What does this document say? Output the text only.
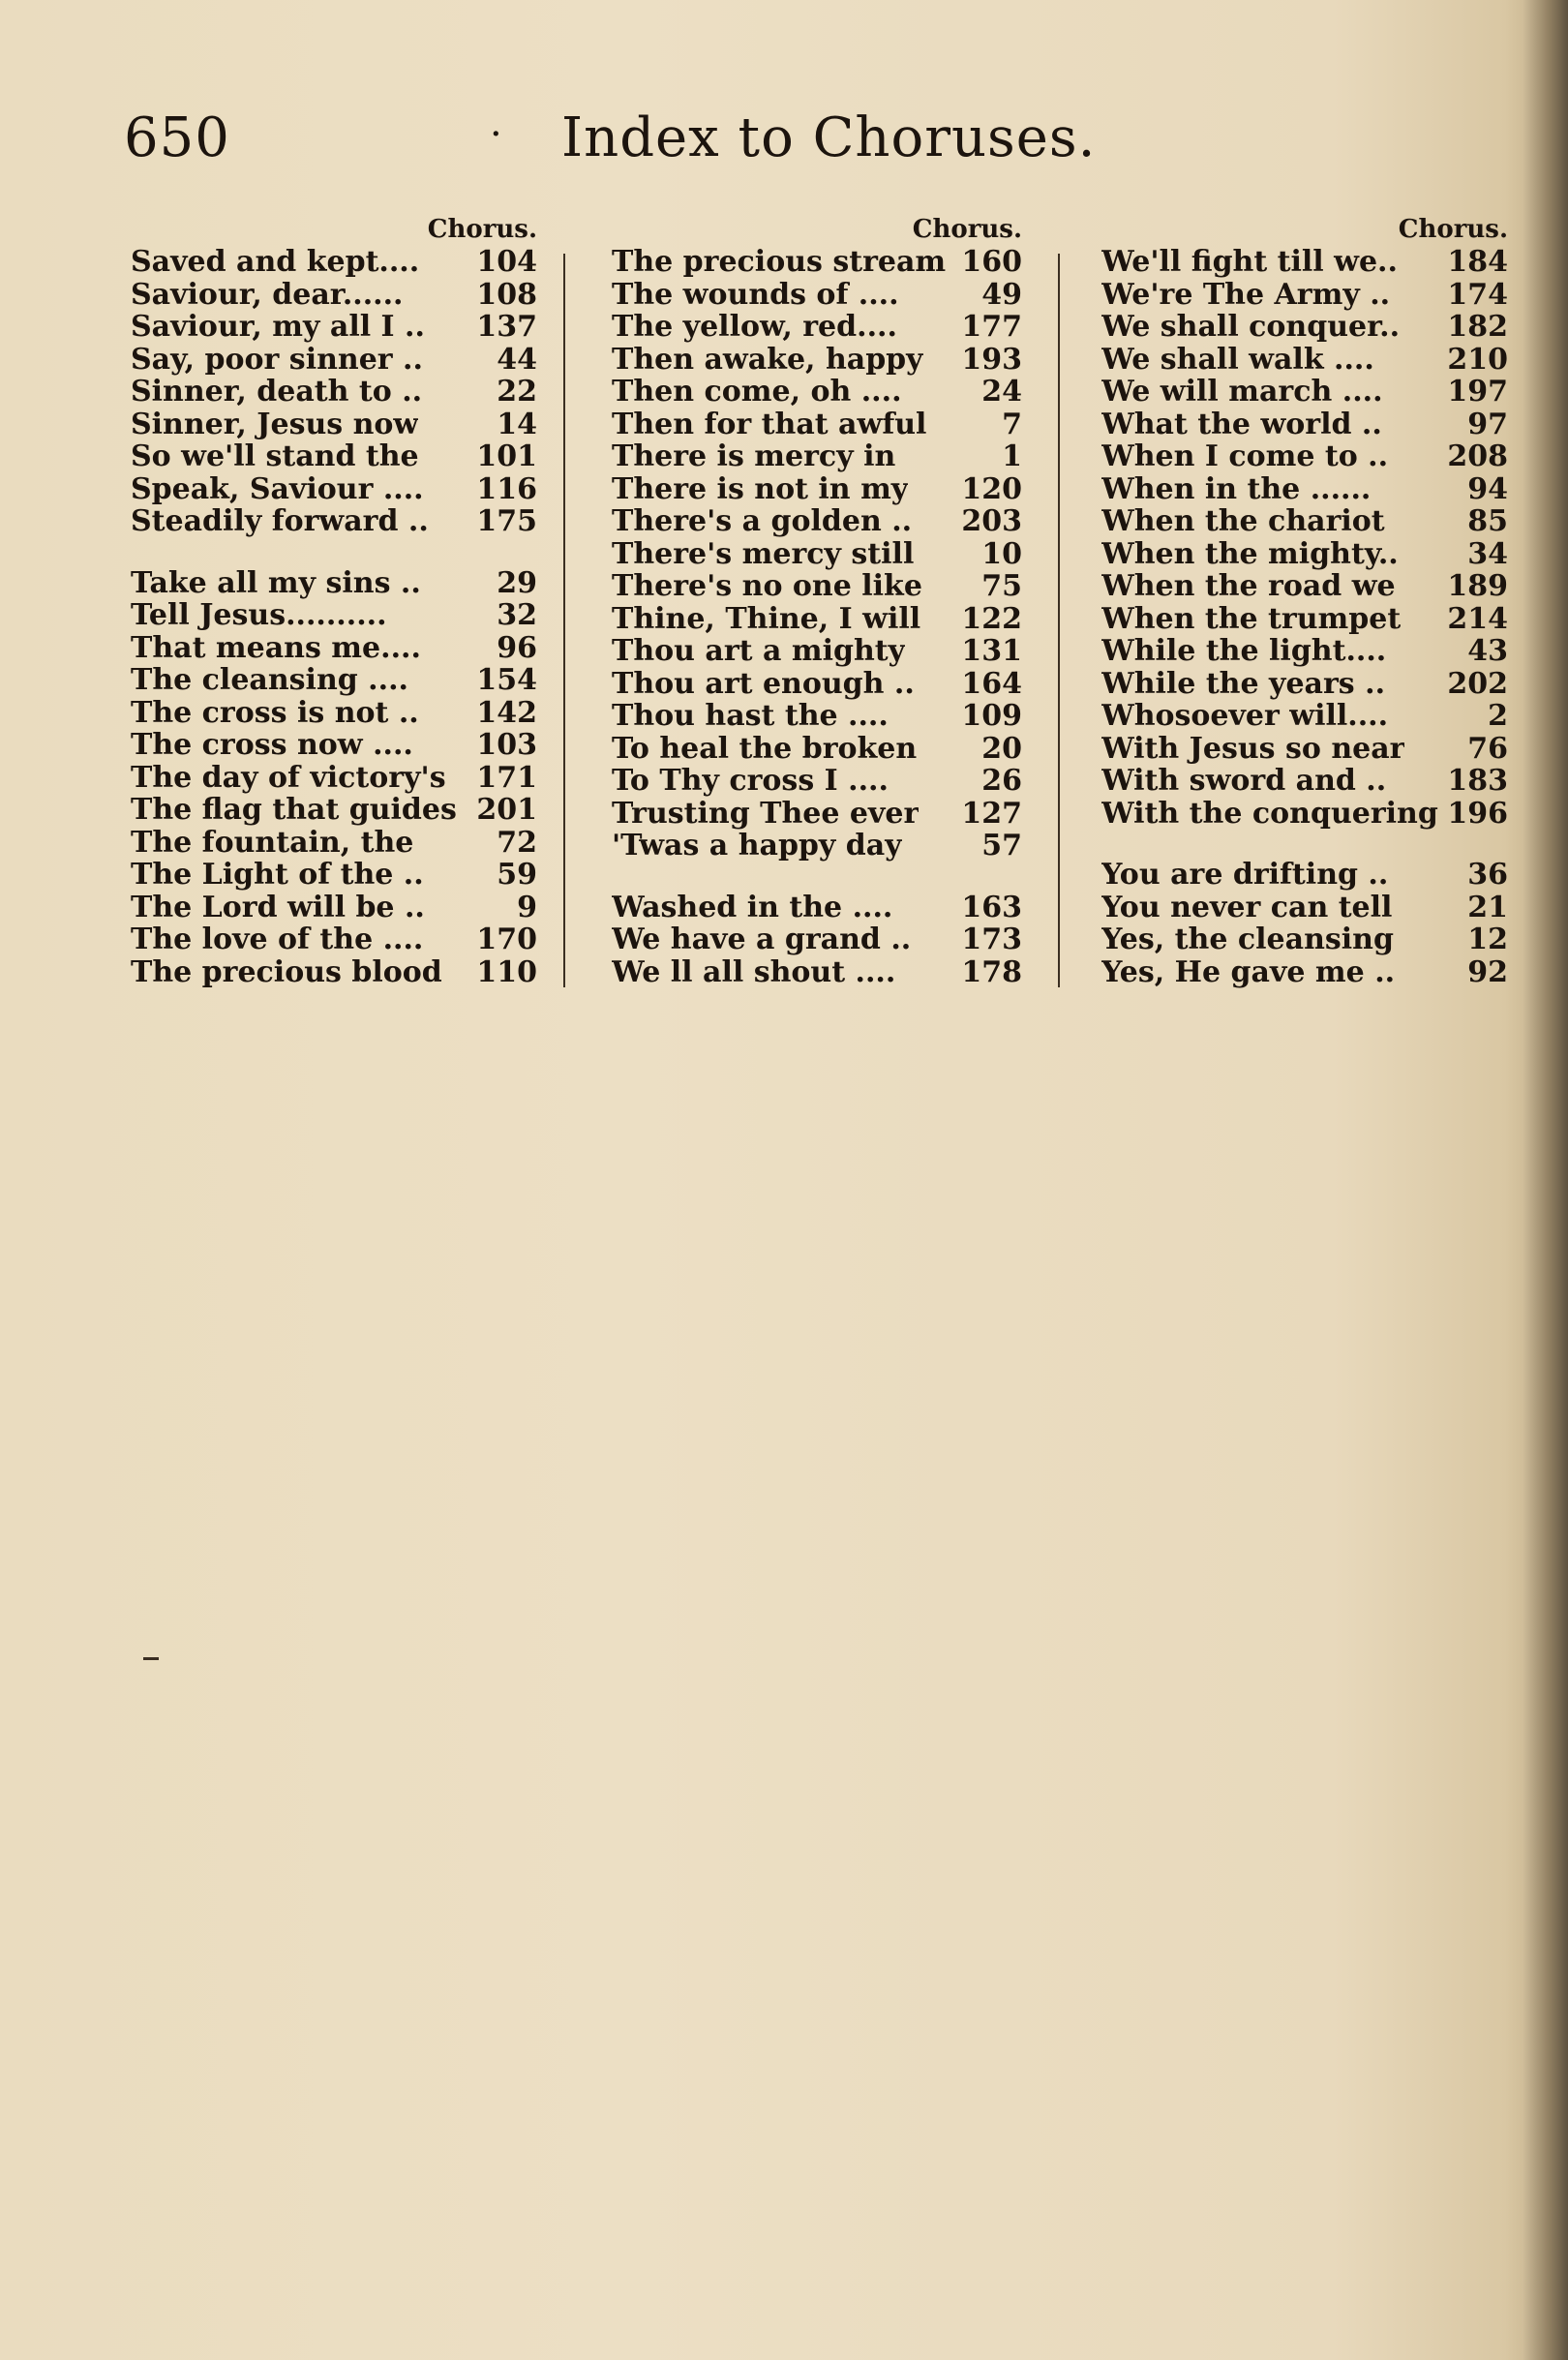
650	· Index to Choruses.
Chorus.
Saved and kept.... 104
Saviour, dear......	108
Saviour, my all I .. 137
Say, poor sinner ..	44
Sinner, death to ..	22
Sinner, Jesus now	14
So we'll stand the 101
Speak, Saviour .... 116
Steadily forward .. 175
Take all my sins ..	29
Tell Jesus..........	32
That means me....	96
The cleansing .... 154
The cross is not .. 142
The cross now .... 103
The day of victory's 171
The flag that guides 201
The fountain, the	72
The Light of the ..	59
The Lord will be ..	9
The love of the .... 170
The precious blood 110
Chorus.
The precious stream 160
The wounds of ....	49
The yellow, red.... 177
Then awake, happy 193
Then come, oh ....	24
Then for that awful	7
There is mercy in	1
There is not in my 120
There's a golden .. 203
There's mercy still 10
There's no one like 75
Thine, Thine, I will 122
Thou art a mighty 131
Thou art enough .. 164
Thou hast the ....	109
To heal the broken 20
To Thy cross I ....	26
Trusting Thee ever 127
'Twas a happy day	57
Washed in the .... 163
We have a grand .. 173
We ll all shout .... 178
Chorus.
We'll fight till we.. 184
We're The Army .. 174
We shall conquer.. 182
We shall walk ....	210
We will march .... 197
What the world ..	97
When I come to .. 208
When in the ......	94
When the chariot	85
When the mighty.. 34
When the road we 189
When the trumpet 214
While the light....	43
While the years .. 202
Whosoever will....	2
With Jesus so near 76
With sword and .. 183
With the conquering 196
You are drifting ..	36
You never can tell	21
Yes, the cleansing	12
Yes, He gave me ..	92
